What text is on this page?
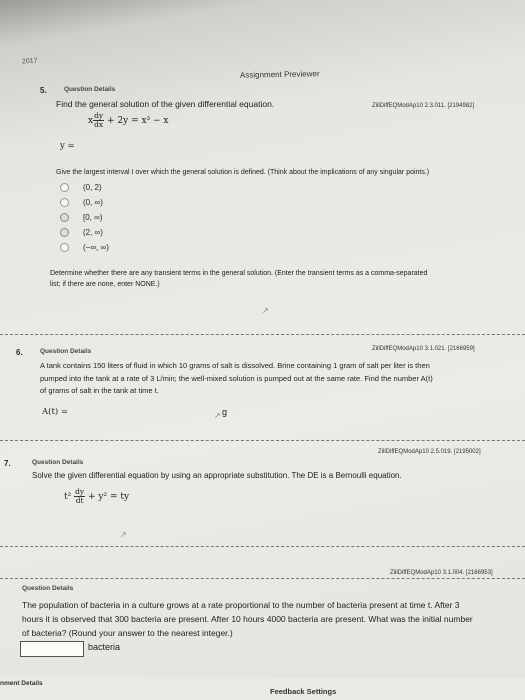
2017
Assignment Previewer
5.	Question Details
ZillDiffEQModAp10 2.3.011. [2194982]
Find the general solution of the given differential equation.
x $\frac{dy}{dx} + 2y = x^3 - x$
y =
Give the largest interval I over which the general solution is defined. (Think about the implications of any singular points.)
(0, 2)
(0, ∞)
[0, ∞)
(2, ∞)
(−∞, ∞)
Determine whether there are any transient terms in the general solution. (Enter the transient terms as a comma-separated
list; if there are none, enter NONE.)
↗
6.	Question Details	ZillDiffEQModAp10 3.1.021. [2166959]
A tank contains 150 liters of fluid in which 10 grams of salt is dissolved. Brine containing 1 gram of salt per liter is then
pumped into the tank at a rate of 3 L/min; the well-mixed solution is pumped out at the same rate. Find the number A(t)
of grams of salt in the tank at time t.
A(t) =	↗ g
7.	Question Details
ZillDiffEQModAp10 2.5.019. [2195002]
Solve the given differential equation by using an appropriate substitution. The DE is a Bernoulli equation.
$t^2 \frac{dy}{dt} + y^2$ = ty
↗
Question Details
ZillDiffEQModAp10 3.1.004. [2166953]
The population of bacteria in a culture grows at a rate proportional to the number of bacteria present at time t. After 3
hours it is observed that 300 bacteria are present. After 10 hours 4000 bacteria are present. What was the initial number
of bacteria? (Round your answer to the nearest integer.)
bacteria
nment Details
Feedback Settings
